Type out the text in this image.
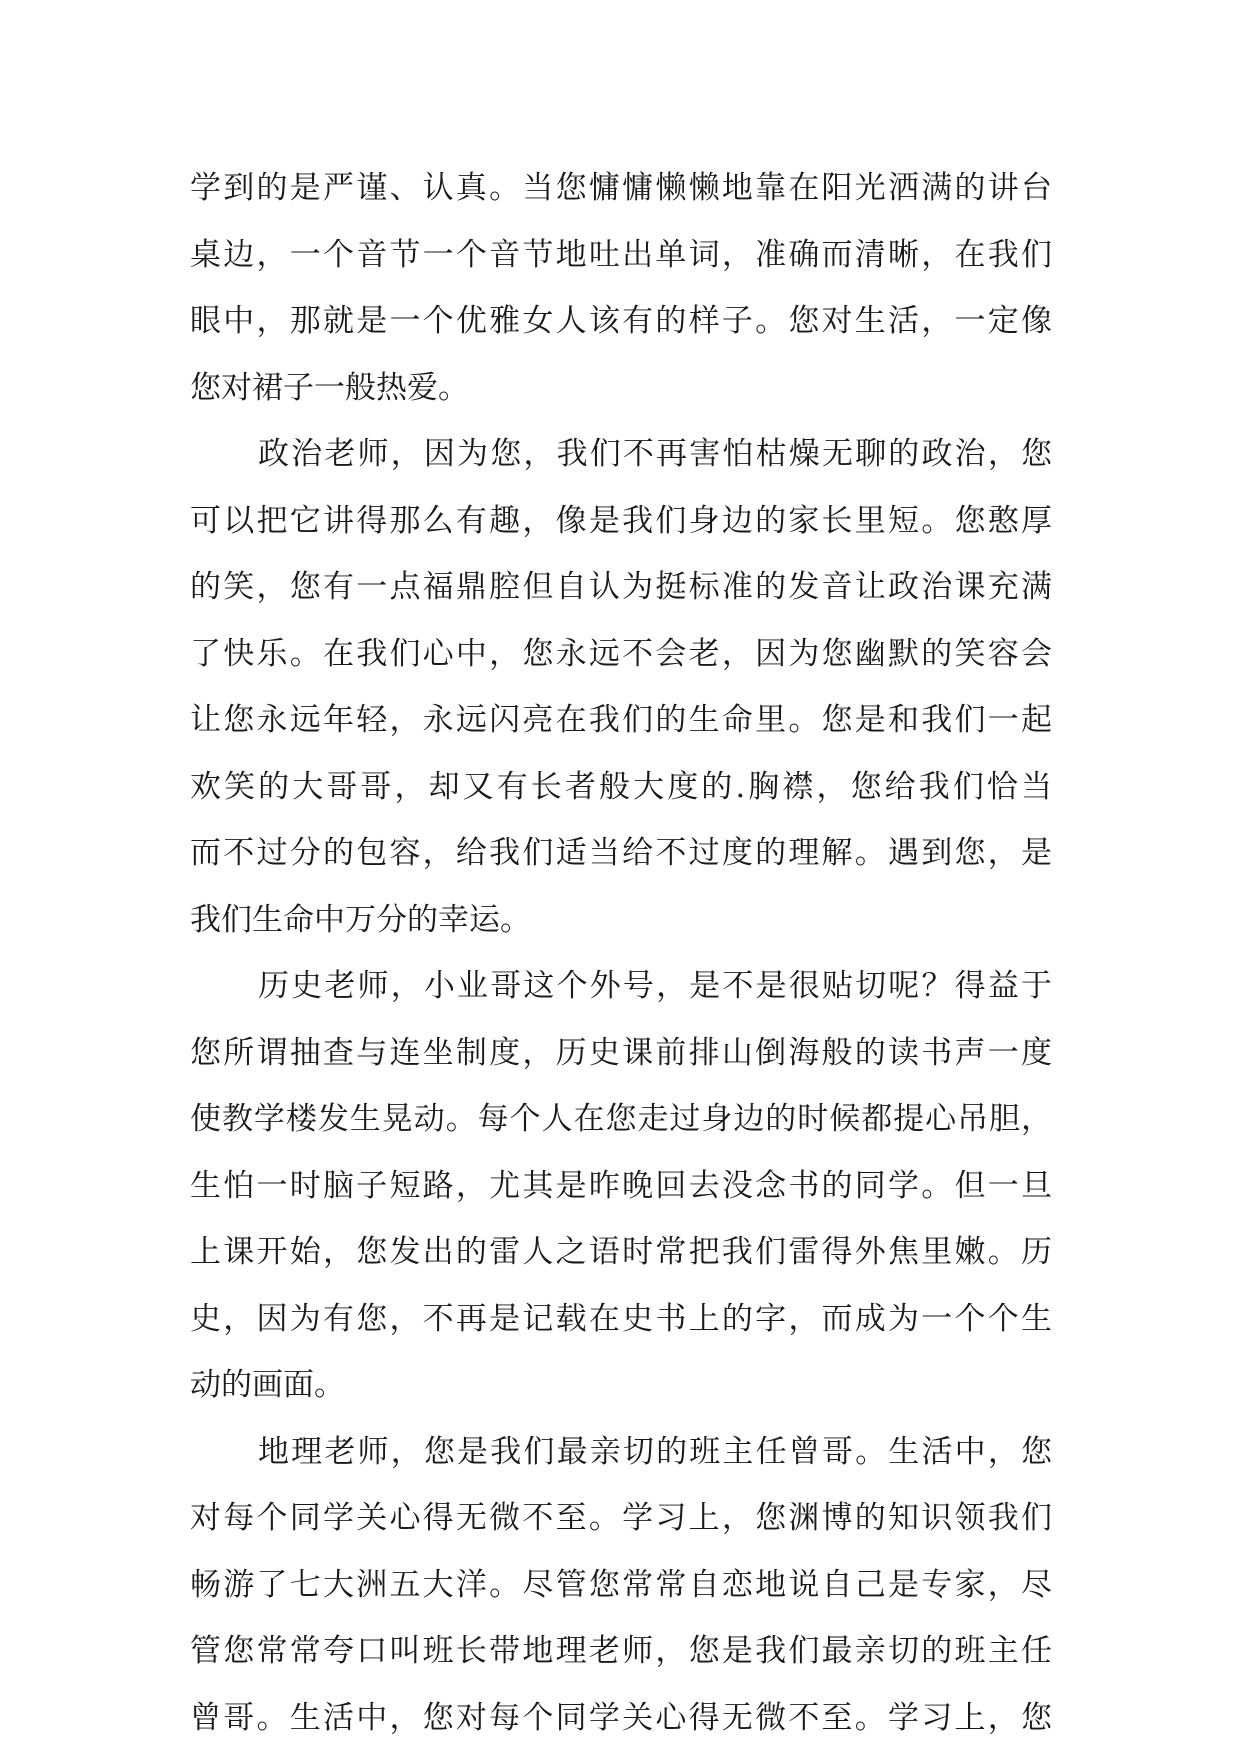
学到的是严谨、认真。当您慵慵懒懒地靠在阳光洒满的讲台
桌边，一个音节一个音节地吐出单词，准确而清晰，在我们
眼中，那就是一个优雅女人该有的样子。您对生活，一定像
您对裙子一般热爱。
政治老师，因为您，我们不再害怕枯燥无聊的政治，您
可以把它讲得那么有趣，像是我们身边的家长里短。您憨厚
的笑，您有一点福鼎腔但自认为挺标准的发音让政治课充满
了快乐。在我们心中，您永远不会老，因为您幽默的笑容会
让您永远年轻，永远闪亮在我们的生命里。您是和我们一起
欢笑的大哥哥，却又有长者般大度的.胸襟，您给我们恰当
而不过分的包容，给我们适当给不过度的理解。遇到您，是
我们生命中万分的幸运。
历史老师，小业哥这个外号，是不是很贴切呢？得益于
您所谓抽查与连坐制度，历史课前排山倒海般的读书声一度
使教学楼发生晃动。每个人在您走过身边的时候都提心吊胆，
生怕一时脑子短路，尤其是昨晚回去没念书的同学。但一旦
上课开始，您发出的雷人之语时常把我们雷得外焦里嫩。历
史，因为有您，不再是记载在史书上的字，而成为一个个生
动的画面。
地理老师，您是我们最亲切的班主任曾哥。生活中，您
对每个同学关心得无微不至。学习上，您渊博的知识领我们
畅游了七大洲五大洋。尽管您常常自恋地说自己是专家，尽
管您常常夸口叫班长带地理老师，您是我们最亲切的班主任
曾哥。生活中，您对每个同学关心得无微不至。学习上，您
